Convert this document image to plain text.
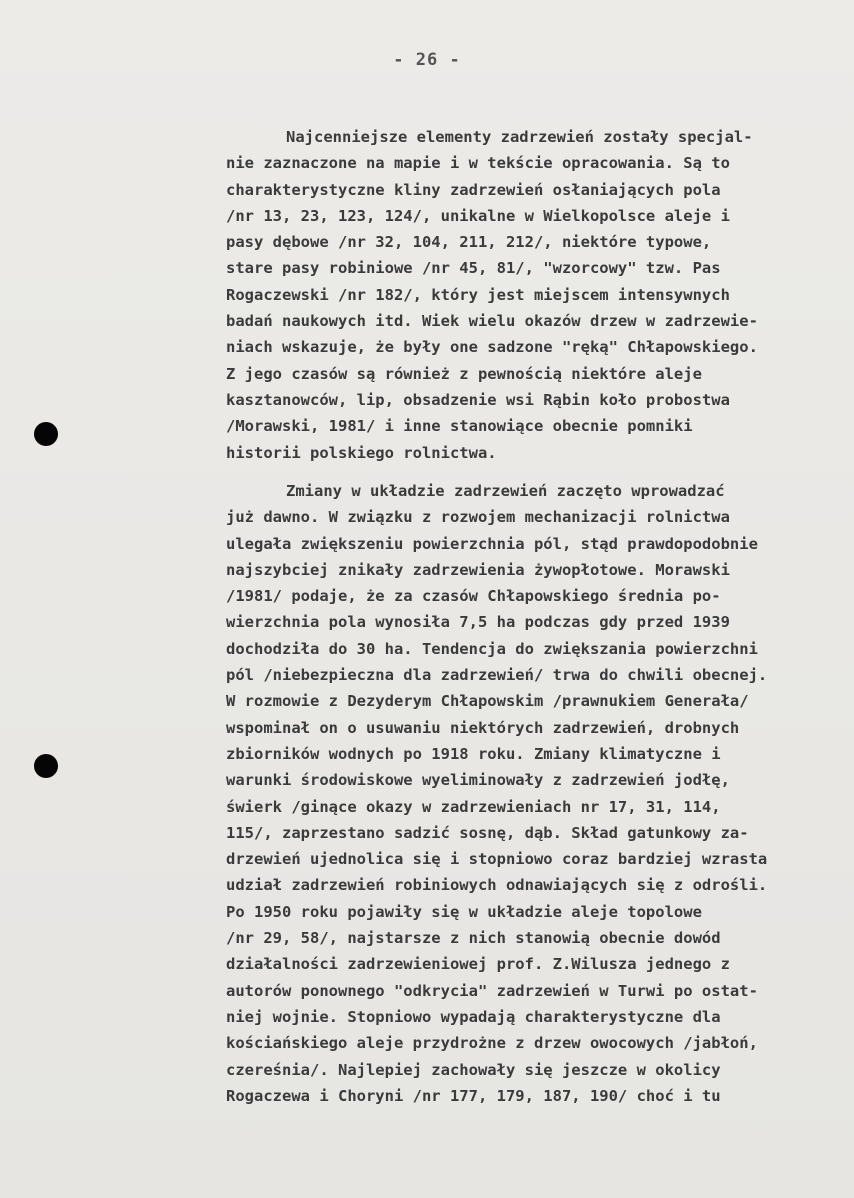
- 26 -
Najcenniejsze elementy zadrzewień zostały specjal-
nie zaznaczone na mapie i w tekście opracowania. Są to
charakterystyczne kliny zadrzewień osłaniających pola
/nr 13, 23, 123, 124/, unikalne w Wielkopolsce aleje i
pasy dębowe /nr 32, 104, 211, 212/, niektóre typowe,
stare pasy robiniowe /nr 45, 81/, "wzorcowy" tzw. Pas
Rogaczewski /nr 182/, który jest miejscem intensywnych
badań naukowych itd. Wiek wielu okazów drzew w zadrzewie-
niach wskazuje, że były one sadzone "ręką" Chłapowskiego.
Z jego czasów są również z pewnością niektóre aleje
kasztanowców, lip, obsadzenie wsi Rąbin koło probostwa
/Morawski, 1981/ i inne stanowiące obecnie pomniki
historii polskiego rolnictwa.
Zmiany w układzie zadrzewień zaczęto wprowadzać
już dawno. W związku z rozwojem mechanizacji rolnictwa
ulegała zwiększeniu powierzchnia pól, stąd prawdopodobnie
najszybciej znikały zadrzewienia żywopłotowe. Morawski
/1981/ podaje, że za czasów Chłapowskiego średnia po-
wierzchnia pola wynosiła 7,5 ha podczas gdy przed 1939
dochodziła do 30 ha. Tendencja do zwiększania powierzchni
pól /niebezpieczna dla zadrzewień/ trwa do chwili obecnej.
W rozmowie z Dezyderym Chłapowskim /prawnukiem Generała/
wspominał on o usuwaniu niektórych zadrzewień, drobnych
zbiorników wodnych po 1918 roku. Zmiany klimatyczne i
warunki środowiskowe wyeliminowały z zadrzewień jodłę,
świerk /ginące okazy w zadrzewieniach nr 17, 31, 114,
115/, zaprzestano sadzić sosnę, dąb. Skład gatunkowy za-
drzewień ujednolica się i stopniowo coraz bardziej wzrasta
udział zadrzewień robiniowych odnawiających się z odrośli.
Po 1950 roku pojawiły się w układzie aleje topolowe
/nr 29, 58/, najstarsze z nich stanowią obecnie dowód
działalności zadrzewieniowej prof. Z.Wilusza jednego z
autorów ponownego "odkrycia" zadrzewień w Turwi po ostat-
niej wojnie. Stopniowo wypadają charakterystyczne dla
kościańskiego aleje przydrożne z drzew owocowych /jabłoń,
czereśnia/. Najlepiej zachowały się jeszcze w okolicy
Rogaczewa i Choryni /nr 177, 179, 187, 190/ choć i tu
